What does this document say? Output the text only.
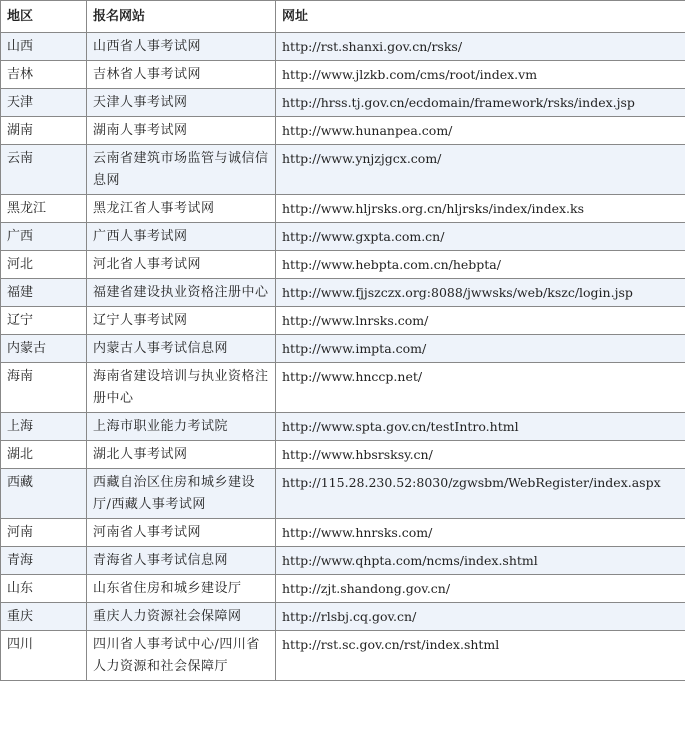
地区	报名网站	网址
山西	山西省人事考试网	http://rst.shanxi.gov.cn/rsks/
吉林	吉林省人事考试网	http://www.jlzkb.com/cms/root/index.vm
天津	天津人事考试网	http://hrss.tj.gov.cn/ecdomain/framework/rsks/index.jsp
湖南	湖南人事考试网	http://www.hunanpea.com/
云南	云南省建筑市场监管与诚信信息网	http://www.ynjzjgcx.com/
黑龙江	黑龙江省人事考试网	http://www.hljrsks.org.cn/hljrsks/index/index.ks
广西	广西人事考试网	http://www.gxpta.com.cn/
河北	河北省人事考试网	http://www.hebpta.com.cn/hebpta/
福建	福建省建设执业资格注册中心	http://www.fjjszczx.org:8088/jwwsks/web/kszc/login.jsp
辽宁	辽宁人事考试网	http://www.lnrsks.com/
内蒙古	内蒙古人事考试信息网	http://www.impta.com/
海南	海南省建设培训与执业资格注册中心	http://www.hnccp.net/
上海	上海市职业能力考试院	http://www.spta.gov.cn/testIntro.html
湖北	湖北人事考试网	http://www.hbsrsksy.cn/
西藏	西藏自治区住房和城乡建设厅/西藏人事考试网	http://115.28.230.52:8030/zgwsbm/WebRegister/index.aspx
河南	河南省人事考试网	http://www.hnrsks.com/
青海	青海省人事考试信息网	http://www.qhpta.com/ncms/index.shtml
山东	山东省住房和城乡建设厅	http://zjt.shandong.gov.cn/
重庆	重庆人力资源社会保障网	http://rlsbj.cq.gov.cn/
四川	四川省人事考试中心/四川省人力资源和社会保障厅	http://rst.sc.gov.cn/rst/index.shtml
